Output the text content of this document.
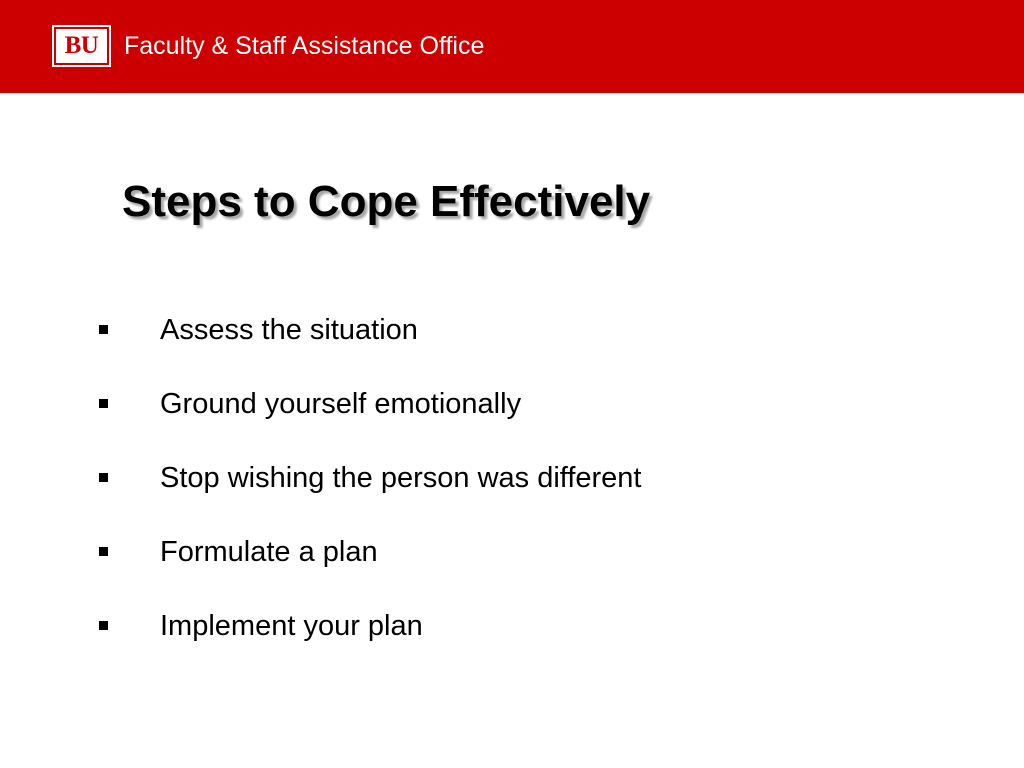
BU	Faculty & Staff Assistance Office
Steps to Cope Effectively
Assess the situation
Ground yourself emotionally
Stop wishing the person was different
Formulate a plan
Implement your plan
